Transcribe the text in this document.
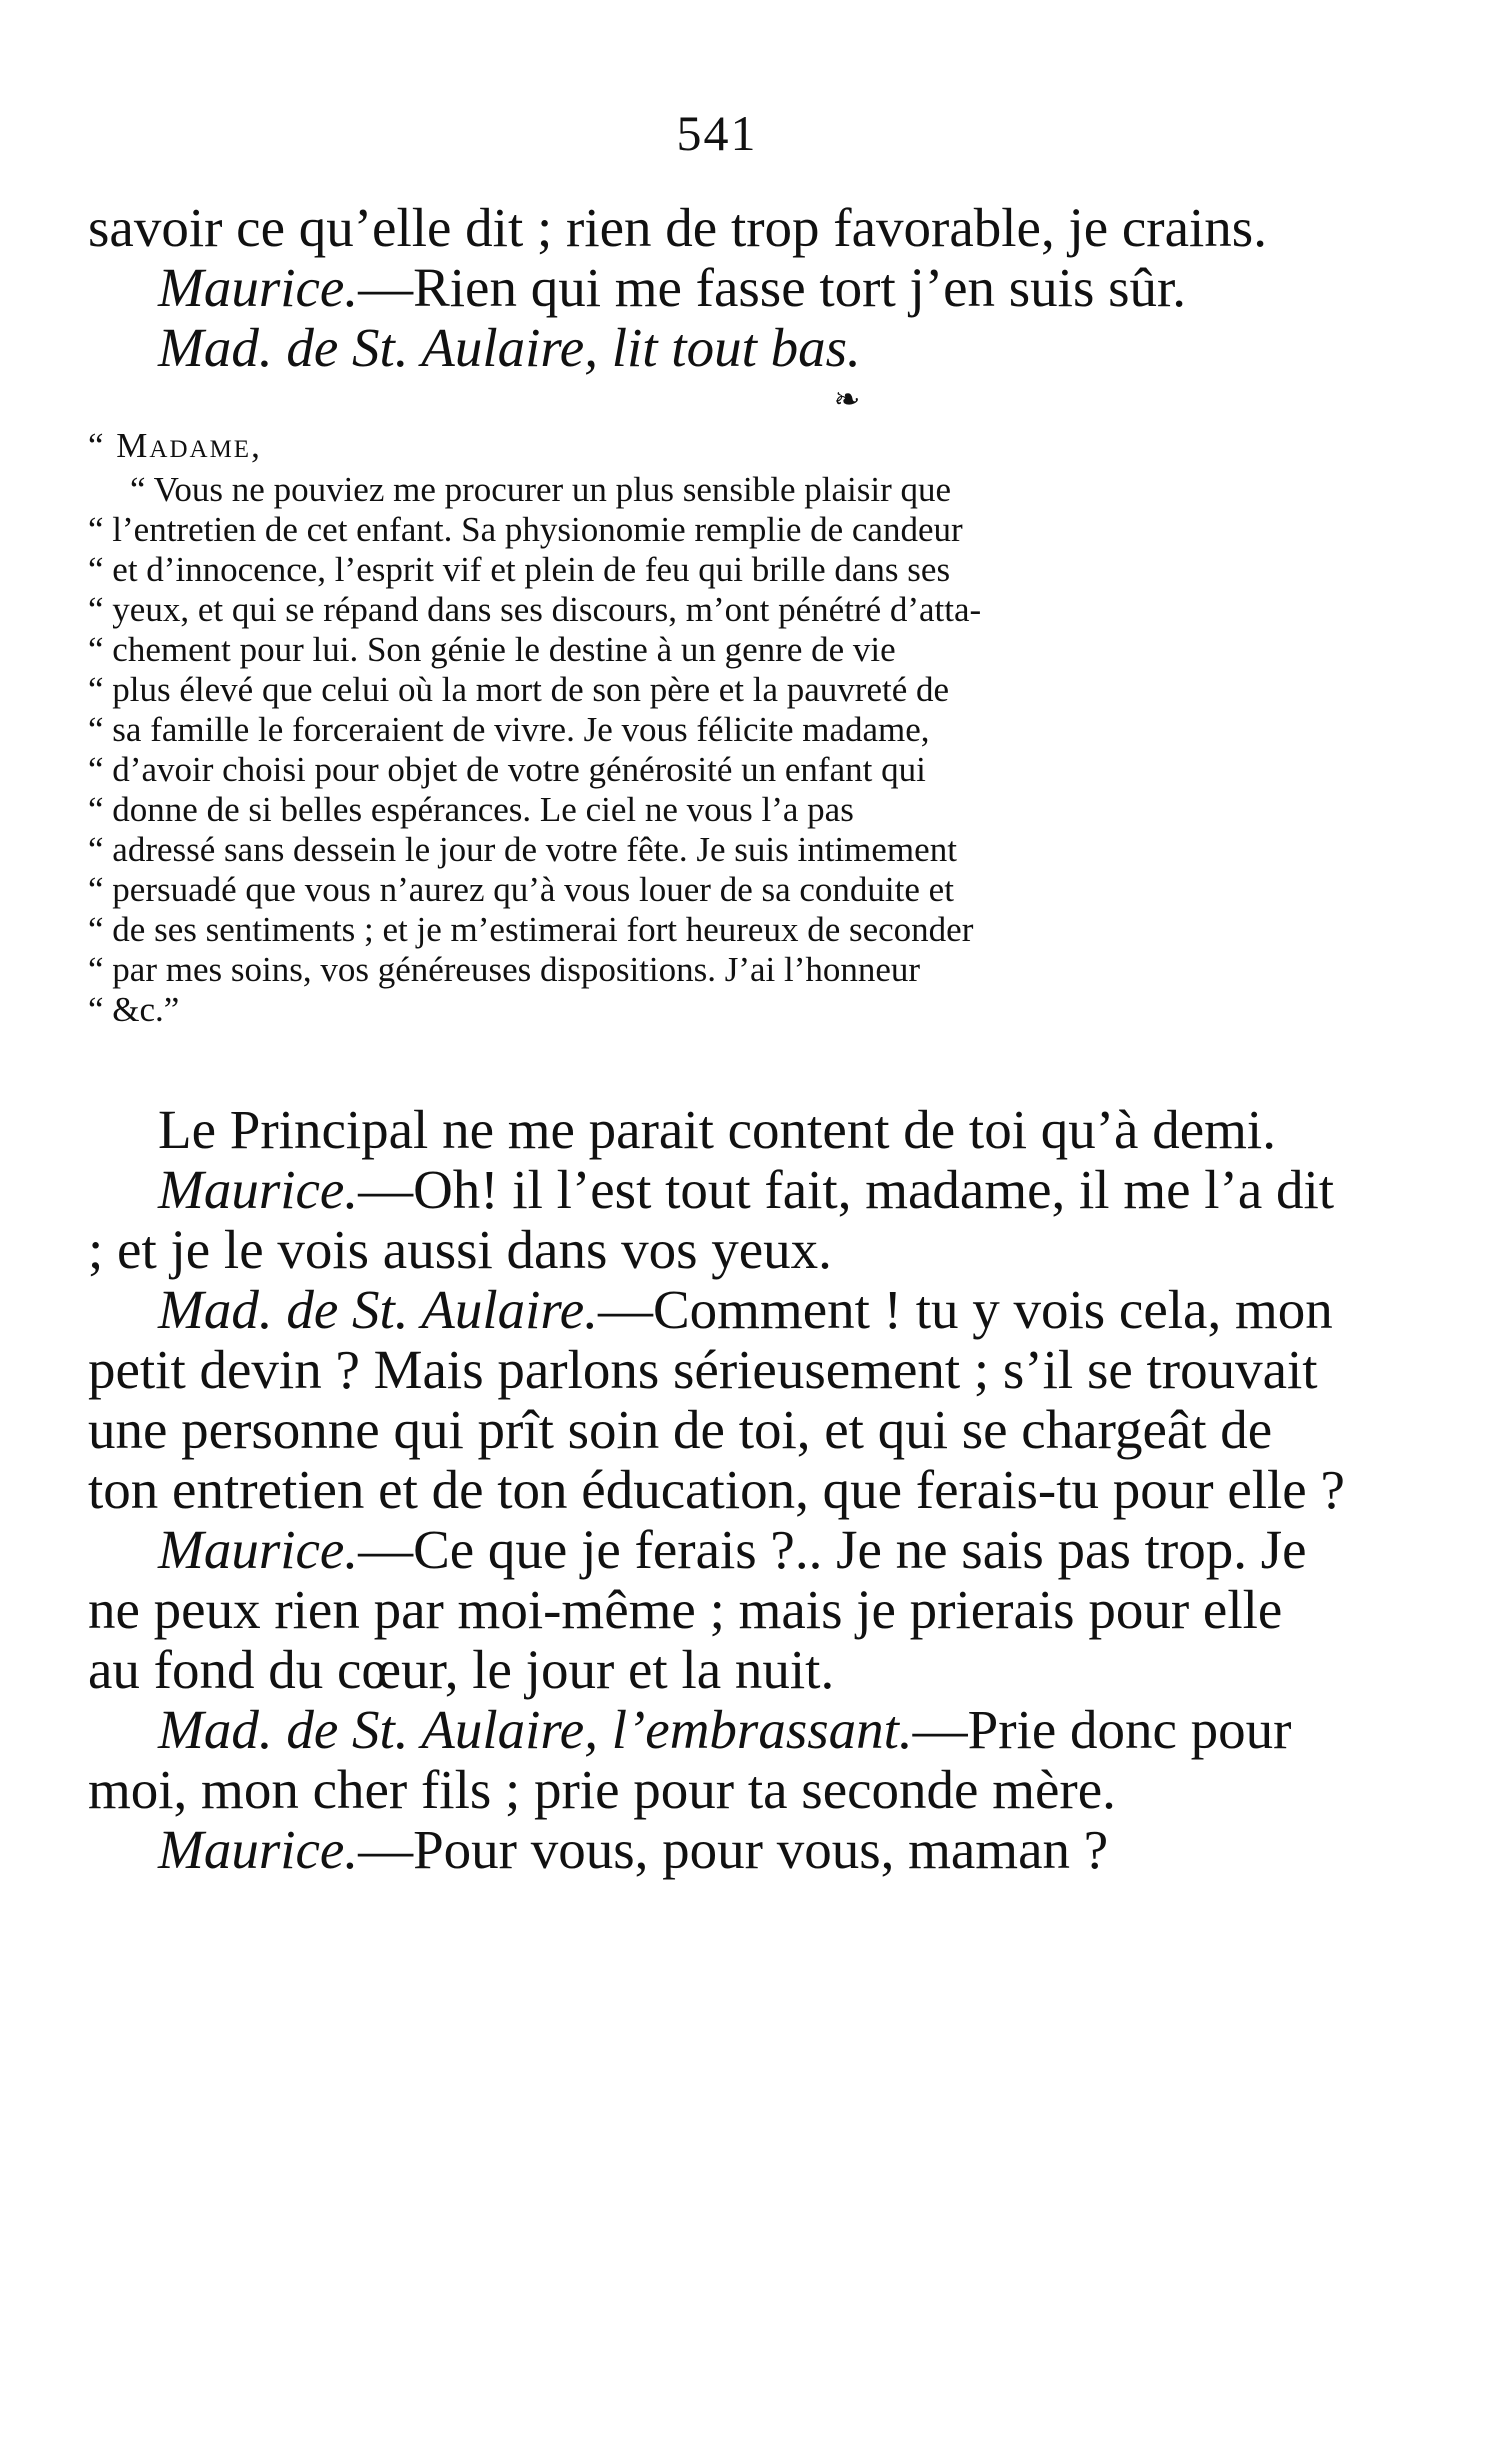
541

savoir ce qu’elle dit ; rien de trop favorable, je crains.

Maurice.—Rien qui me fasse tort j’en suis sûr.

Mad. de St. Aulaire, lit tout bas.

❧
“ Madame,
“ Vous ne pouviez me procurer un plus sensible plaisir que
“ l’entretien de cet enfant. Sa physionomie remplie de candeur
“ et d’innocence, l’esprit vif et plein de feu qui brille dans ses
“ yeux, et qui se répand dans ses discours, m’ont pénétré d’atta-
“ chement pour lui. Son génie le destine à un genre de vie
“ plus élevé que celui où la mort de son père et la pauvreté de
“ sa famille le forceraient de vivre. Je vous félicite madame,
“ d’avoir choisi pour objet de votre générosité un enfant qui
“ donne de si belles espérances. Le ciel ne vous l’a pas
“ adressé sans dessein le jour de votre fête. Je suis intimement
“ persuadé que vous n’aurez qu’à vous louer de sa conduite et
“ de ses sentiments ; et je m’estimerai fort heureux de seconder
“ par mes soins, vos généreuses dispositions. J’ai l’honneur
“ &c.”

Le Principal ne me parait content de toi qu’à demi.

Maurice.—Oh! il l’est tout fait, madame, il me l’a dit ; et je le vois aussi dans vos yeux.

Mad. de St. Aulaire.—Comment ! tu y vois cela, mon petit devin ? Mais parlons sérieusement ; s’il se trouvait une personne qui prît soin de toi, et qui se chargeât de ton entretien et de ton éducation, que ferais-tu pour elle ?

Maurice.—Ce que je ferais ?.. Je ne sais pas trop. Je ne peux rien par moi-même ; mais je prierais pour elle au fond du cœur, le jour et la nuit.

Mad. de St. Aulaire, l’embrassant.—Prie donc pour moi, mon cher fils ; prie pour ta seconde mère.

Maurice.—Pour vous, pour vous, maman ?
